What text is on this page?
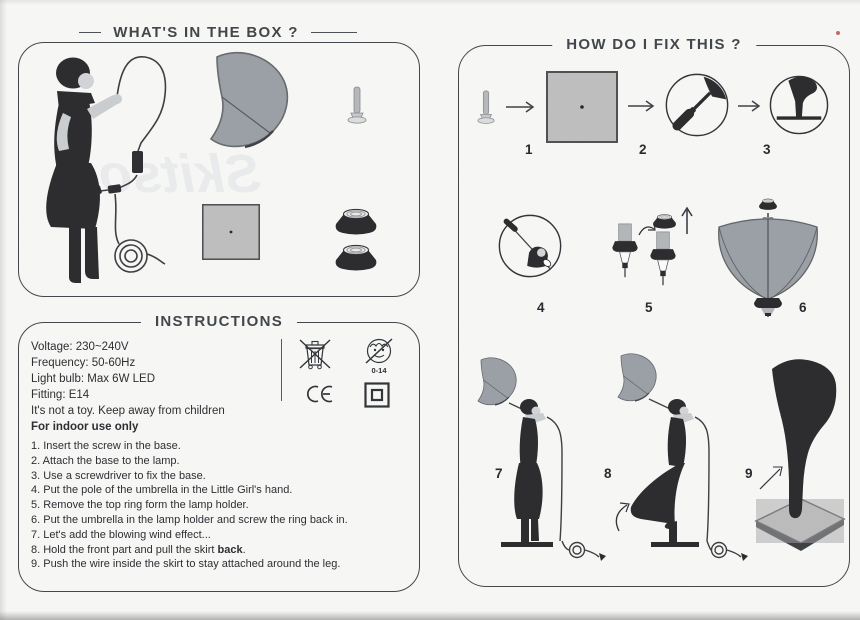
WHAT'S IN THE BOX ?
Skitso
INSTRUCTIONS
Voltage: 230~240V
Frequency: 50-60Hz
Light bulb: Max 6W LED
Fitting: E14
It's not a toy. Keep away from children
For indoor use only
0-14
1. Insert the screw in the base.
2. Attach the base to the lamp.
3. Use a screwdriver to fix the base.
4. Put the pole of the umbrella in the Little Girl's hand.
5. Remove the top ring form the lamp holder.
6. Put the umbrella in the lamp holder and screw the ring back in.
7. Let's add the blowing wind effect...
8. Hold the front part and pull the skirt back.
9. Push the wire inside the skirt to stay attached around the leg.
HOW DO I FIX THIS ?
1	2	3
4	5	6
7	8	9
